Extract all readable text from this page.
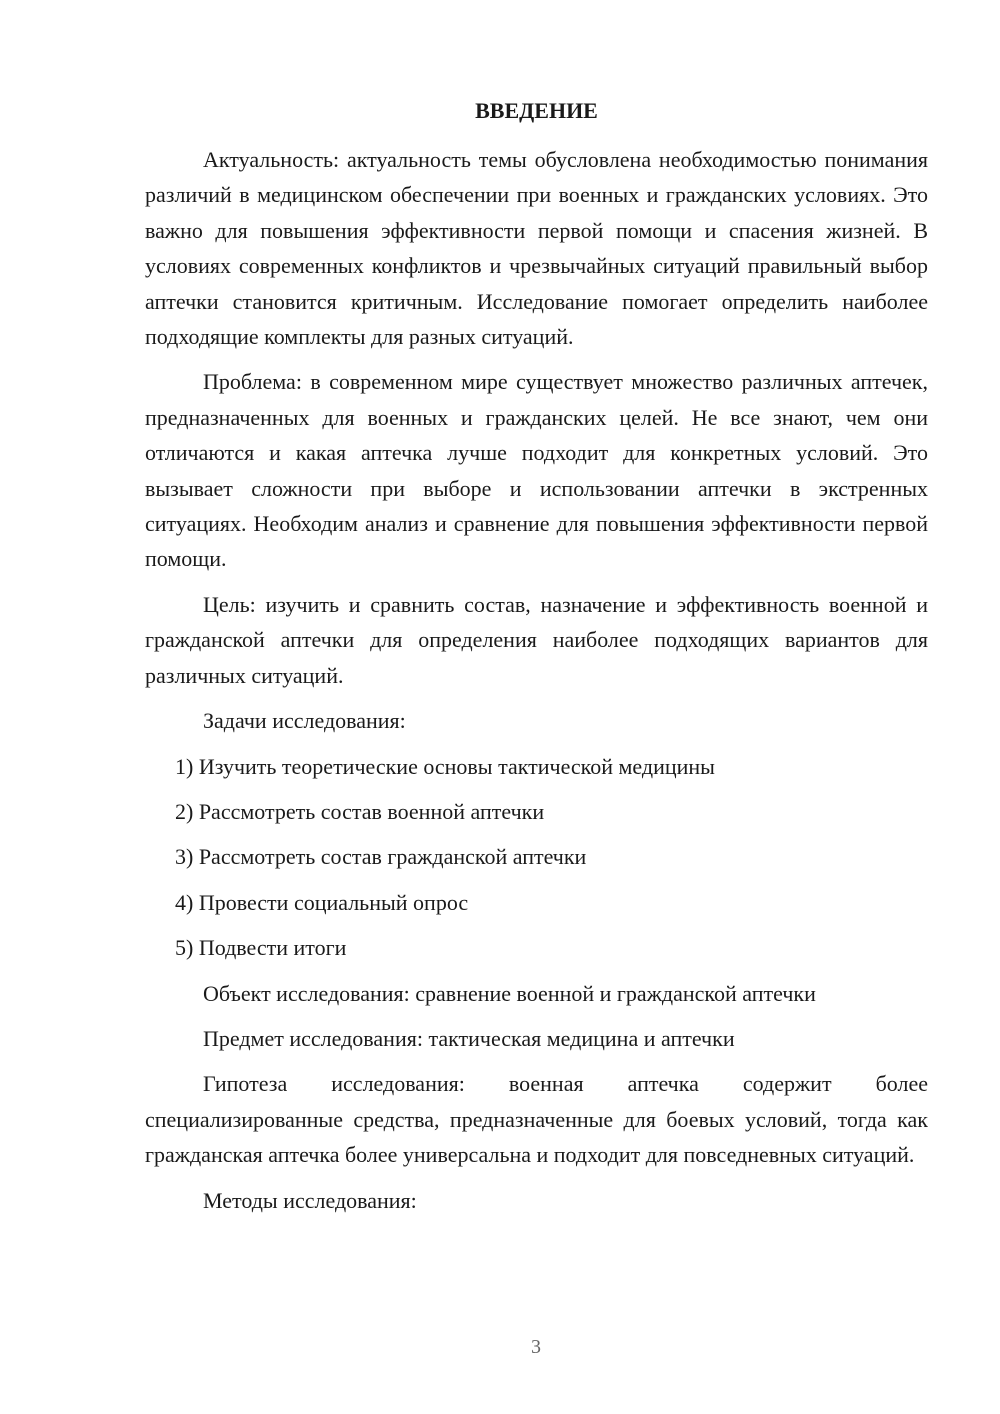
ВВЕДЕНИЕ

Актуальность: актуальность темы обусловлена необходимостью понимания различий в медицинском обеспечении при военных и гражданских условиях. Это важно для повышения эффективности первой помощи и спасения жизней. В условиях современных конфликтов и чрезвычайных ситуаций правильный выбор аптечки становится критичным. Исследование помогает определить наиболее подходящие комплекты для разных ситуаций.

Проблема: в современном мире существует множество различных аптечек, предназначенных для военных и гражданских целей. Не все знают, чем они отличаются и какая аптечка лучше подходит для конкретных условий. Это вызывает сложности при выборе и использовании аптечки в экстренных ситуациях. Необходим анализ и сравнение для повышения эффективности первой помощи.

Цель: изучить и сравнить состав, назначение и эффективность военной и гражданской аптечки для определения наиболее подходящих вариантов для различных ситуаций.

Задачи исследования:

1) Изучить теоретические основы тактической медицины

2) Рассмотреть состав военной аптечки

3) Рассмотреть состав гражданской аптечки

4) Провести социальный опрос

5) Подвести итоги

Объект исследования: сравнение военной и гражданской аптечки

Предмет исследования: тактическая медицина и аптечки

Гипотеза исследования: военная аптечка содержит более специализированные средства, предназначенные для боевых условий, тогда как гражданская аптечка более универсальна и подходит для повседневных ситуаций.

Методы исследования:

3
